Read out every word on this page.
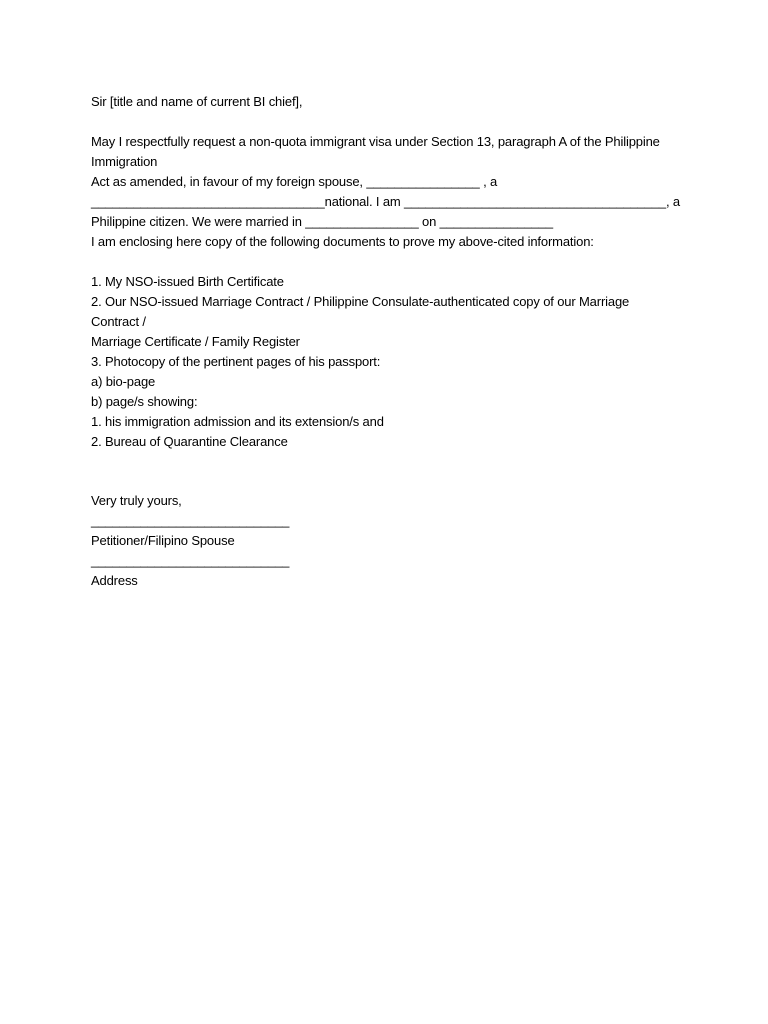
Sir [title and name of current BI chief],
May I respectfully request a non-quota immigrant visa under Section 13, paragraph A of the Philippine
Immigration
Act as amended, in favour of my foreign spouse, ________________ , a
_________________________________national. I am _____________________________________, a
Philippine citizen. We were married in ________________ on ________________
I am enclosing here copy of the following documents to prove my above-cited information:
1. My NSO-issued Birth Certificate
2. Our NSO-issued Marriage Contract / Philippine Consulate-authenticated copy of our Marriage
Contract /
Marriage Certificate / Family Register
3. Photocopy of the pertinent pages of his passport:
a) bio-page
b) page/s showing:
1. his immigration admission and its extension/s and
2. Bureau of Quarantine Clearance
Very truly yours,
____________________________
Petitioner/Filipino Spouse
____________________________
Address
